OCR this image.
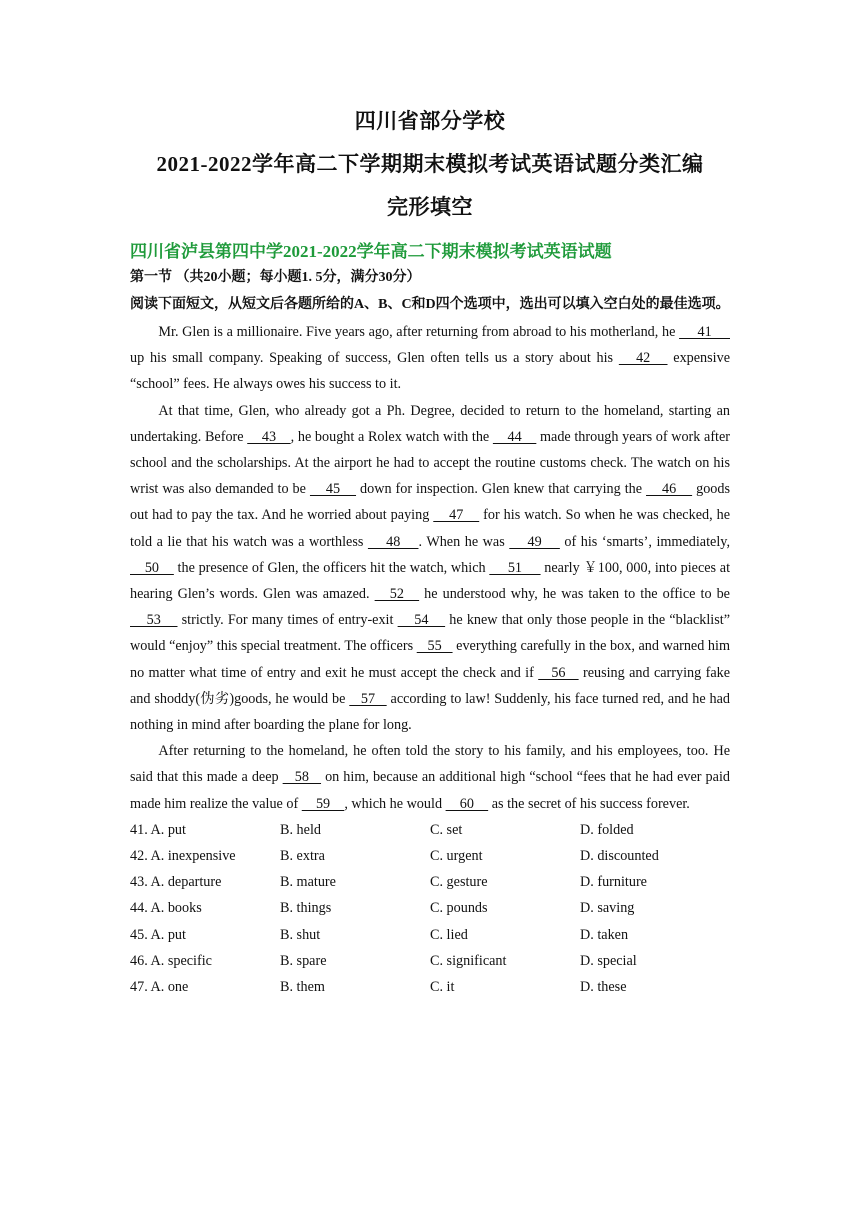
四川省部分学校
2021-2022学年高二下学期期末模拟考试英语试题分类汇编
完形填空
四川省泸县第四中学2021-2022学年高二下期末模拟考试英语试题
第一节 （共20小题；每小题1. 5分，满分30分）
阅读下面短文，从短文后各题所给的A、B、C和D四个选项中，选出可以填入空白处的最佳选项。

Mr. Glen is a millionaire. Five years ago, after returning from abroad to his motherland, he      41      up his small company. Speaking of success, Glen often tells us a story about his    42    expensive “school” fees. He always owes his success to it.

At that time, Glen, who already got a Ph. Degree, decided to return to the homeland, starting an undertaking. Before     43    , he bought a Rolex watch with the     44     made through years of work after school and the scholarships. At the airport he had to accept the routine customs check. The watch on his wrist was also demanded to be     45     down for inspection. Glen knew that carrying the     46     goods out had to pay the tax. And he worried about paying     47     for his watch. So when he was checked, he told a lie that his watch was a worthless     48    . When he was     49     of his ‘smarts’, immediately,     50     the presence of Glen, the officers hit the watch, which      51      nearly ￥100, 000, into pieces at hearing Glen’s words. Glen was amazed.    52    he understood why, he was taken to the office to be     53     strictly. For many times of entry-exit     54     he knew that only those people in the “blacklist” would “enjoy” this special treatment. The officers    55    everything carefully in the box, and warned him no matter what time of entry and exit he must accept the check and if    56    reusing and carrying fake and shoddy(伪劣)goods, he would be    57    according to law! Suddenly, his face turned red, and he had nothing in mind after boarding the plane for long.

After returning to the homeland, he often told the story to his family, and his employees, too. He said that this made a deep    58    on him, because an additional high “school “fees that he had ever paid made him realize the value of     59    , which he would     60     as the secret of his success forever.

41. A. put	B. held	C. set	D. folded
42. A. inexpensive	B. extra	C. urgent	D. discounted
43. A. departure	B. mature	C. gesture	D. furniture
44. A. books	B. things	C. pounds	D. saving
45. A. put	B. shut	C. lied	D. taken
46. A. specific	B. spare	C. significant	D. special
47. A. one	B. them	C. it	D. these
